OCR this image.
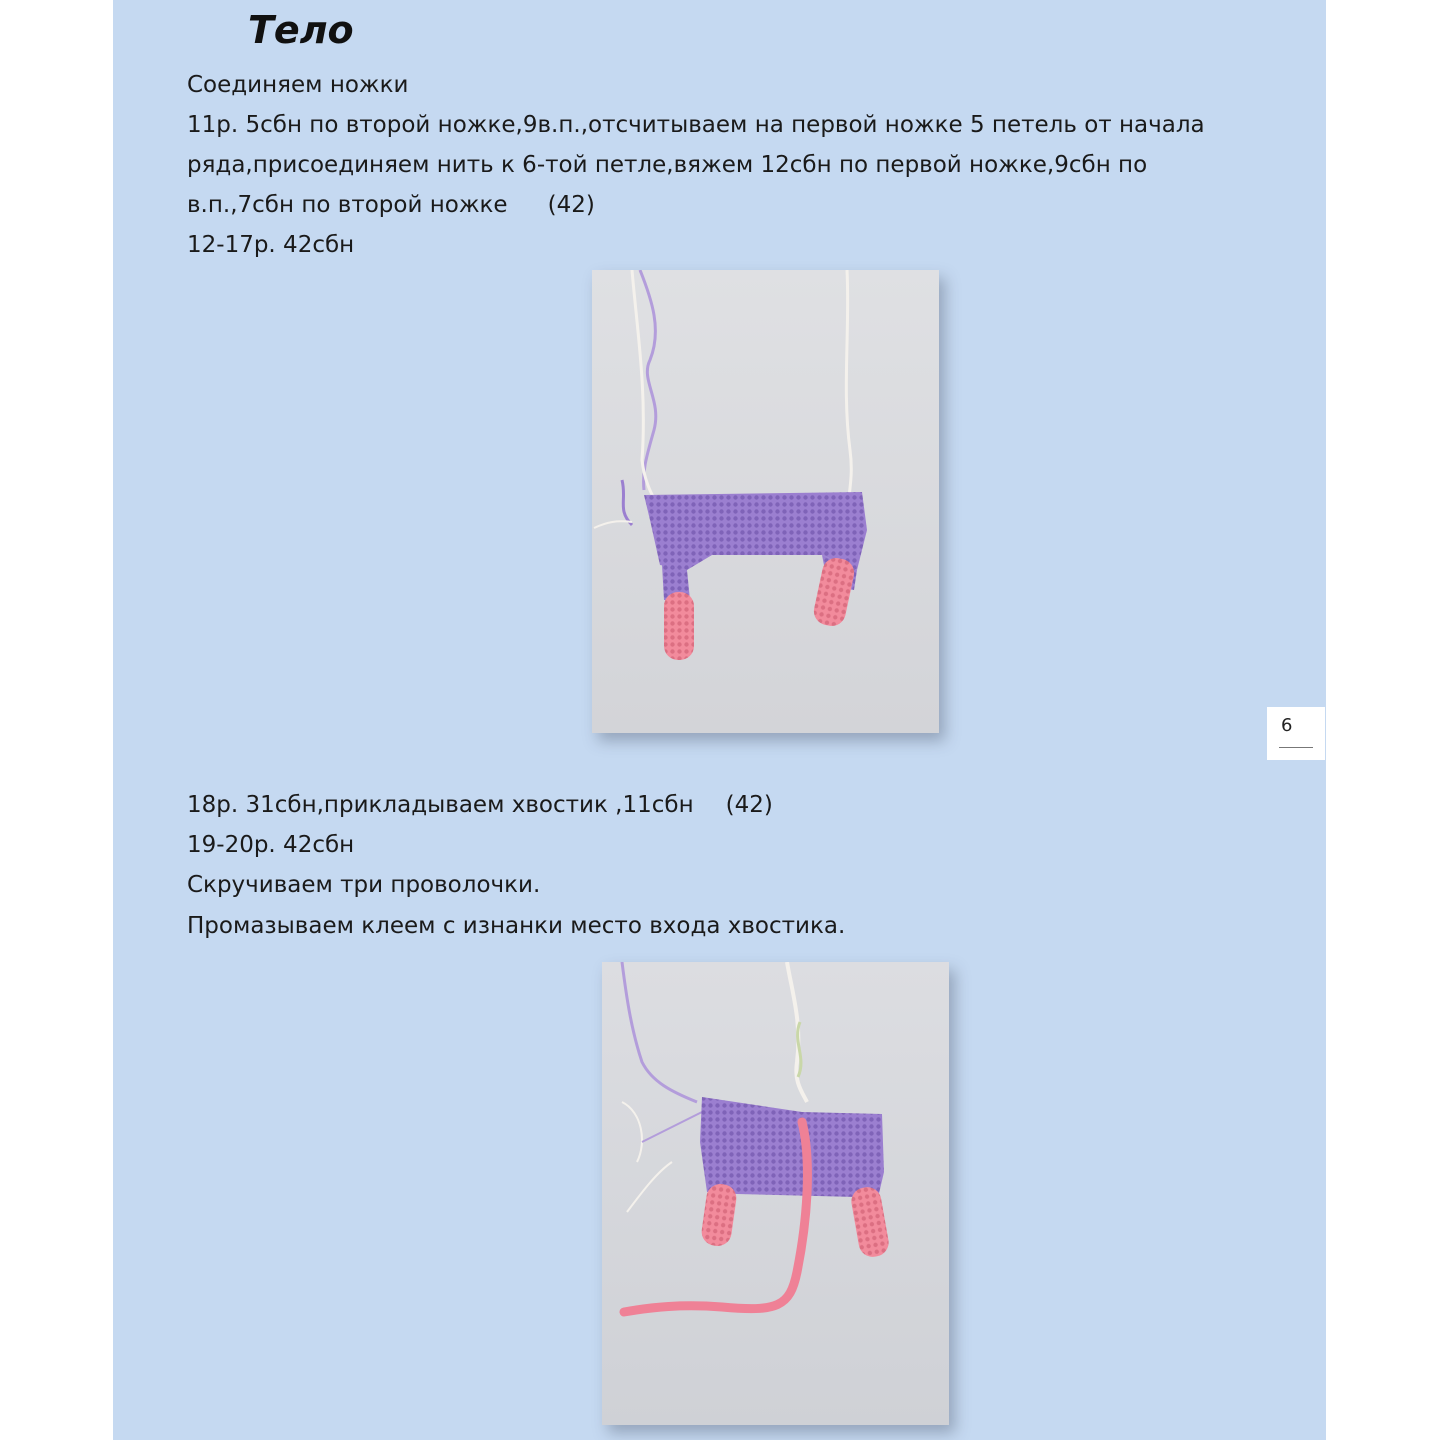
Тело
Соединяем ножки
11р. 5сбн по второй ножке,9в.п.,отсчитываем на первой ножке 5 петель от начала
ряда,присоединяем нить к 6-той петле,вяжем 12сбн по первой ножке,9сбн по
в.п.,7сбн по второй ножке (42)
12-17р. 42сбн
6
18р. 31сбн,прикладываем хвостик ,11сбн (42)
19-20р. 42сбн
Скручиваем три проволочки.
Промазываем клеем с изнанки место входа хвостика.
